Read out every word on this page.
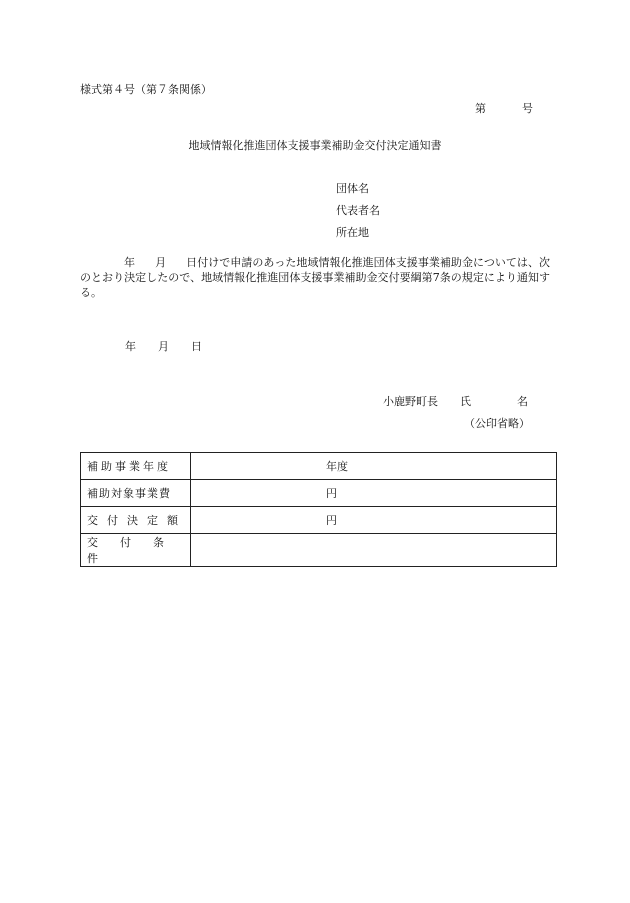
様式第４号（第７条関係）
第	号
地域情報化推進団体支援事業補助金交付決定通知書
団体名
代表者名
所在地
年 月 日付けで申請のあった地域情報化推進団体支援事業補助金については、次のとおり決定したので、地域情報化推進団体支援事業補助金交付要綱第7条の規定により通知する。
年 月 日
小鹿野町長 氏	名
（公印省略）
補助事業年度	年度
補助対象事業費	円
交付決定額	円
交付条件	
